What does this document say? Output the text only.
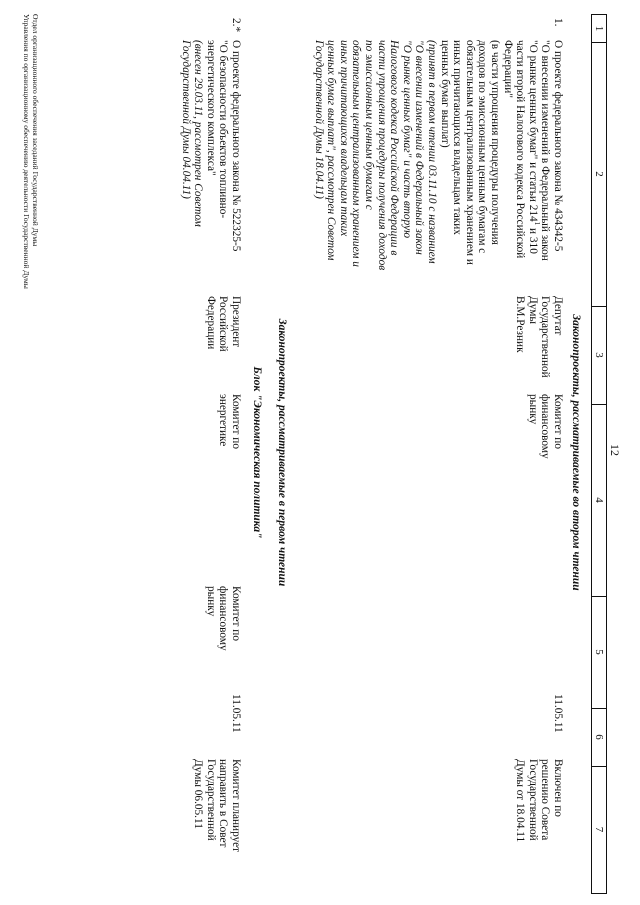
12
1
2
3
4
5
6
7
Законопроекты, рассматриваемые во втором чтении
1.
О проекте федерального закона № 434342-5
"О внесении изменений в Федеральный закон
"О рынке ценных бумаг" и статьи $214^1$ и 310
части второй Налогового кодекса Российской
Федерации"
(в части упрощения процедуры получения
доходов по эмиссионным ценным бумагам с
обязательным централизованным хранением и
иных причитающихся владельцам таких
ценных бумаг выплат)
(принят в первом чтении 03.11.10 с названием
"О внесении изменений в Федеральный закон
"О рынке ценных бумаг" и часть вторую
Налогового кодекса Российской Федерации в
части упрощения процедуры получения доходов
по эмиссионным ценным бумагам с
обязательным централизованным хранением и
иных причитающихся владельцам таких
ценных бумаг выплат", рассмотрен Советом
Государственной Думы 18.04.11)
Депутат
Государственной
Думы
В.М.Резник
Комитет по
финансовому
рынку
11.05.11
Включен по
решению Совета
Государственной
Думы от 18.04.11
Законопроекты, рассматриваемые в первом чтении
Блок "Экономическая политика"
2.*
О проекте федерального закона № 522325-5
"О безопасности объектов топливно-
энергетического комплекса"
(внесен 29.03.11, рассмотрен Советом
Государственной Думы 04.04.11)
Президент
Российской
Федерации
Комитет по
энергетике
Комитет по
финансовому
рынку
11.05.11
Комитет планирует
направить в Совет
Государственной
Думы 06.05.11
Отдел организационного обеспечения заседаний Государственной Думы
Управления по организационному обеспечению деятельности Государственной Думы
